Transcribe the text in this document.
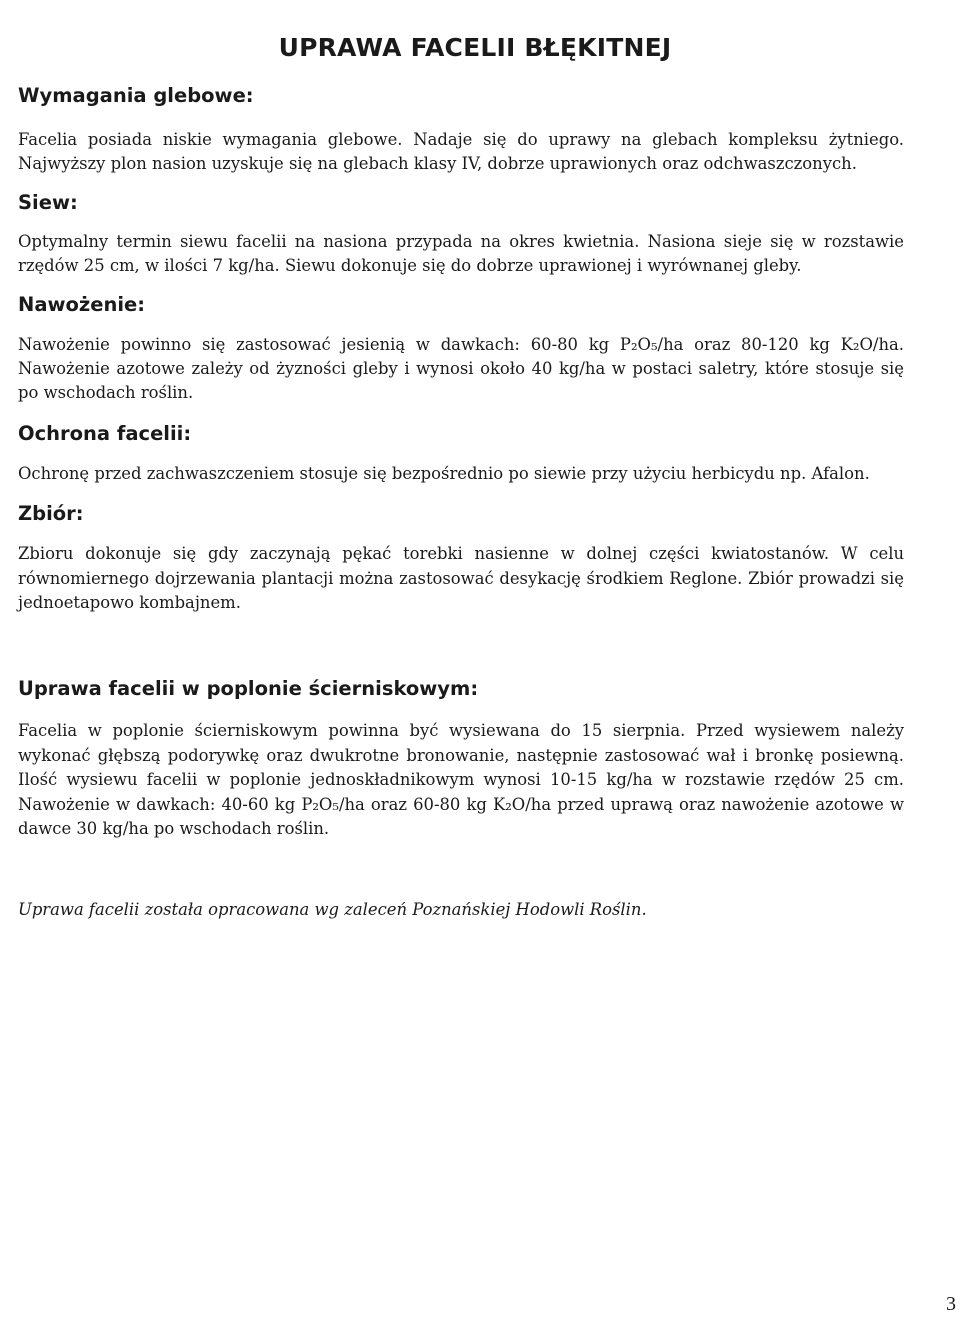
UPRAWA FACELII BŁĘKITNEJ
Wymagania glebowe:

Facelia posiada niskie wymagania glebowe. Nadaje się do uprawy na glebach kompleksu żytniego. Najwyższy plon nasion uzyskuje się na glebach klasy IV, dobrze uprawionych oraz odchwaszczonych.

Siew:

Optymalny termin siewu facelii na nasiona przypada na okres kwietnia. Nasiona sieje się w rozstawie rzędów 25 cm, w ilości 7 kg/ha. Siewu dokonuje się do dobrze uprawionej i wyrównanej gleby.

Nawożenie:

Nawożenie powinno się zastosować jesienią w dawkach: 60-80 kg P₂O₅/ha oraz 80-120 kg K₂O/ha. Nawożenie azotowe zależy od żyzności gleby i wynosi około 40 kg/ha w postaci saletry, które stosuje się po wschodach roślin.

Ochrona facelii:

Ochronę przed zachwaszczeniem stosuje się bezpośrednio po siewie przy użyciu herbicydu np. Afalon.

Zbiór:

Zbioru dokonuje się gdy zaczynają pękać torebki nasienne w dolnej części kwiatostanów. W celu równomiernego dojrzewania plantacji można zastosować desykację środkiem Reglone. Zbiór prowadzi się jednoetapowo kombajnem.

Uprawa facelii w poplonie ścierniskowym:

Facelia w poplonie ścierniskowym powinna być wysiewana do 15 sierpnia. Przed wysiewem należy wykonać głębszą podorywkę oraz dwukrotne bronowanie, następnie zastosować wał i bronkę posiewną. Ilość wysiewu facelii w poplonie jednoskładnikowym wynosi 10-15 kg/ha w rozstawie rzędów 25 cm. Nawożenie w dawkach: 40-60 kg P₂O₅/ha oraz 60-80 kg K₂O/ha przed uprawą oraz nawożenie azotowe w dawce 30 kg/ha po wschodach roślin.

Uprawa facelii została opracowana wg zaleceń Poznańskiej Hodowli Roślin.

3
